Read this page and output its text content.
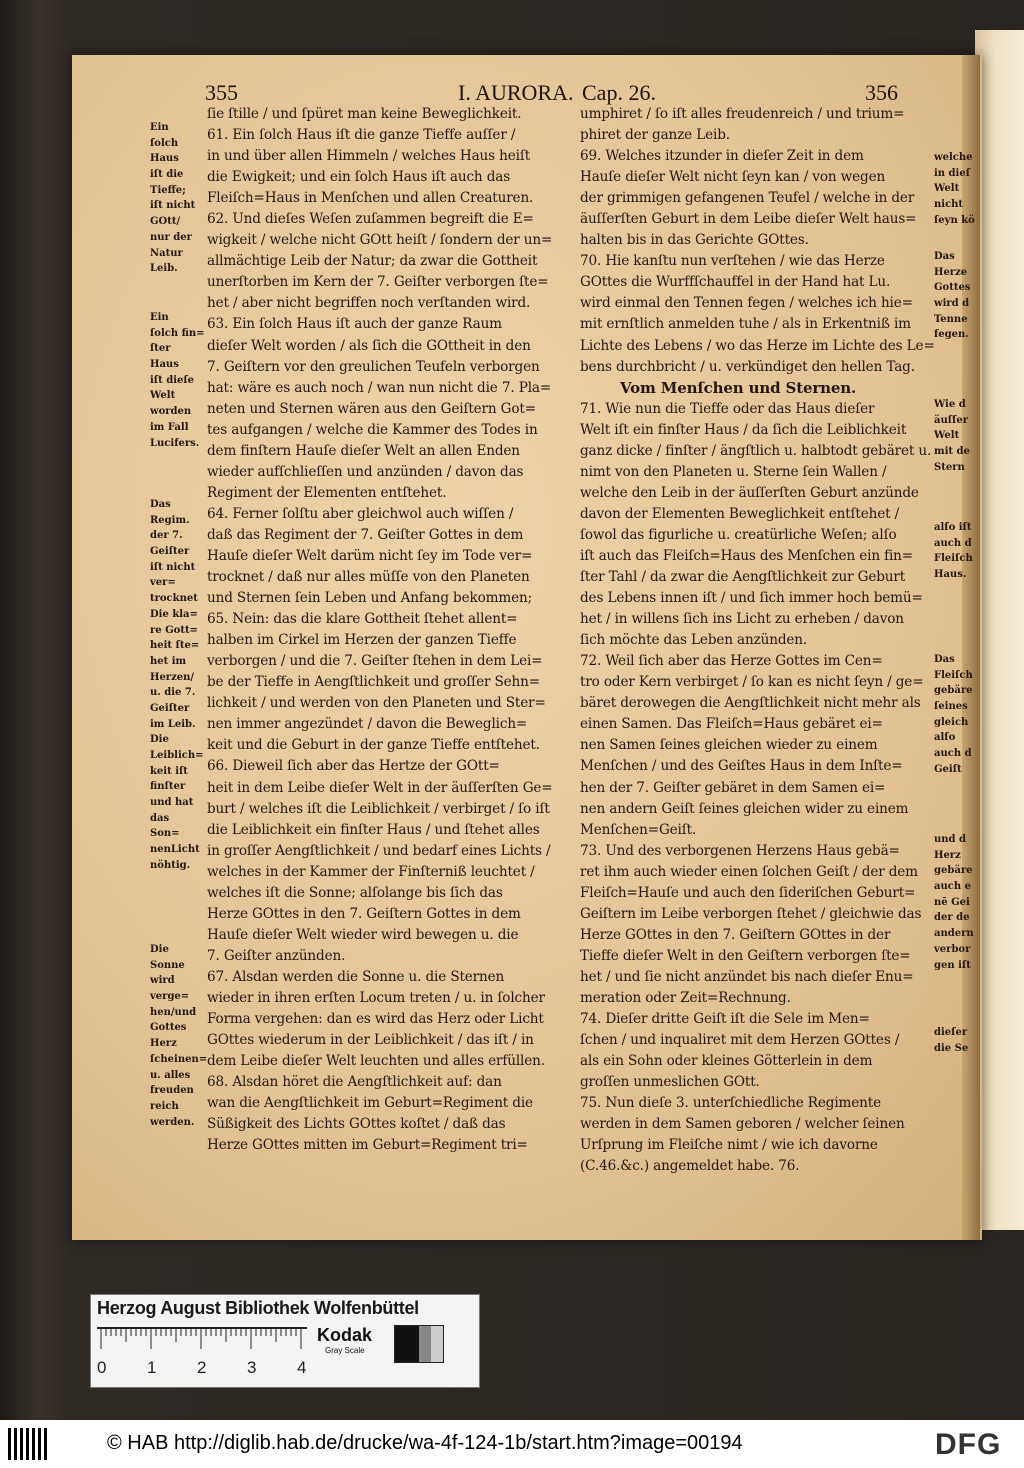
355	I. AURORA. Cap. 26.	356
ſie ſtille / und ſpüret man keine Beweglichkeit.
61. Ein ſolch Haus iſt die ganze Tieffe auſſer /
in und über allen Himmeln / welches Haus heiſt
die Ewigkeit; und ein ſolch Haus iſt auch das
Fleiſch=Haus in Menſchen und allen Creaturen.
62. Und dieſes Weſen zuſammen begreift die E=
wigkeit / welche nicht GOtt heiſt / ſondern der un=
allmächtige Leib der Natur; da zwar die Gottheit
unerſtorben im Kern der 7. Geiſter verborgen ſte=
het / aber nicht begriffen noch verſtanden wird.
63. Ein ſolch Haus iſt auch der ganze Raum
dieſer Welt worden / als ſich die GOttheit in den
7. Geiſtern vor den greulichen Teufeln verborgen
hat: wäre es auch noch / wan nun nicht die 7. Pla=
neten und Sternen wären aus den Geiſtern Got=
tes aufgangen / welche die Kammer des Todes in
dem finſtern Hauſe dieſer Welt an allen Enden
wieder aufſchlieſſen und anzünden / davon das
Regiment der Elementen entſtehet.
64. Ferner ſolſtu aber gleichwol auch wiſſen /
daß das Regiment der 7. Geiſter Gottes in dem
Hauſe dieſer Welt darüm nicht ſey im Tode ver=
trocknet / daß nur alles müſſe von den Planeten
und Sternen ſein Leben und Anfang bekommen;
65. Nein: das die klare Gottheit ſtehet allent=
halben im Cirkel im Herzen der ganzen Tieffe
verborgen / und die 7. Geiſter ſtehen in dem Lei=
be der Tieffe in Aengſtlichkeit und groſſer Sehn=
lichkeit / und werden von den Planeten und Ster=
nen immer angezündet / davon die Beweglich=
keit und die Geburt in der ganze Tieffe entſtehet.
66. Dieweil ſich aber das Hertze der GOtt=
heit in dem Leibe dieſer Welt in der äuſſerſten Ge=
burt / welches iſt die Leiblichkeit / verbirget / ſo iſt
die Leiblichkeit ein finſter Haus / und ſtehet alles
in groſſer Aengſtlichkeit / und bedarf eines Lichts /
welches in der Kammer der Finſterniß leuchtet /
welches iſt die Sonne; alſolange bis ſich das
Herze GOttes in den 7. Geiſtern Gottes in dem
Hauſe dieſer Welt wieder wird bewegen u. die
7. Geiſter anzünden.
67. Alsdan werden die Sonne u. die Sternen
wieder in ihren erſten Locum treten / u. in ſolcher
Forma vergehen: dan es wird das Herz oder Licht
GOttes wiederum in der Leiblichkeit / das iſt / in
dem Leibe dieſer Welt leuchten und alles erfüllen.
68. Alsdan höret die Aengſtlichkeit auf: dan
wan die Aengſtlichkeit im Geburt=Regiment die
Süßigkeit des Lichts GOttes koſtet / daß das
Herze GOttes mitten im Geburt=Regiment tri=
umphiret / ſo iſt alles freudenreich / und trium=
phiret der ganze Leib.
69. Welches itzunder in dieſer Zeit in dem
Hauſe dieſer Welt nicht ſeyn kan / von wegen
der grimmigen gefangenen Teufel / welche in der
äuſſerſten Geburt in dem Leibe dieſer Welt haus=
halten bis in das Gerichte GOttes.
70. Hie kanſtu nun verſtehen / wie das Herze
GOttes die Wurffſchauffel in der Hand hat Lu.
wird einmal den Tennen fegen / welches ich hie=
mit ernſtlich anmelden tuhe / als in Erkentniß im
Lichte des Lebens / wo das Herze im Lichte des Le=
bens durchbricht / u. verkündiget den hellen Tag.
Vom Menſchen und Sternen.
71. Wie nun die Tieffe oder das Haus dieſer
Welt iſt ein finſter Haus / da ſich die Leiblichkeit
ganz dicke / finſter / ängſtlich u. halbtodt gebäret u.
nimt von den Planeten u. Sterne ſein Wallen /
welche den Leib in der äuſſerſten Geburt anzünde
davon der Elementen Beweglichkeit entſtehet /
ſowol das figurliche u. creatürliche Weſen; alſo
iſt auch das Fleiſch=Haus des Menſchen ein fin=
ſter Tahl / da zwar die Aengſtlichkeit zur Geburt
des Lebens innen iſt / und ſich immer hoch bemü=
het / in willens ſich ins Licht zu erheben / davon
ſich möchte das Leben anzünden.
72. Weil ſich aber das Herze Gottes im Cen=
tro oder Kern verbirget / ſo kan es nicht ſeyn / ge=
bäret derowegen die Aengſtlichkeit nicht mehr als
einen Samen. Das Fleiſch=Haus gebäret ei=
nen Samen ſeines gleichen wieder zu einem
Menſchen / und des Geiſtes Haus in dem Inſte=
hen der 7. Geiſter gebäret in dem Samen ei=
nen andern Geiſt ſeines gleichen wider zu einem
Menſchen=Geiſt.
73. Und des verborgenen Herzens Haus gebä=
ret ihm auch wieder einen ſolchen Geiſt / der dem
Fleiſch=Hauſe und auch den ſideriſchen Geburt=
Geiſtern im Leibe verborgen ſtehet / gleichwie das
Herze GOttes in den 7. Geiſtern GOttes in der
Tieffe dieſer Welt in den Geiſtern verborgen ſte=
het / und ſie nicht anzündet bis nach dieſer Enu=
meration oder Zeit=Rechnung.
74. Dieſer dritte Geiſt iſt die Sele im Men=
ſchen / und inqualiret mit dem Herzen GOttes /
als ein Sohn oder kleines Götterlein in dem
groſſen unmeslichen GOtt.
75. Nun dieſe 3. unterſchiedliche Regimente
werden in dem Samen geboren / welcher ſeinen
Urſprung im Fleiſche nimt / wie ich davorne
(C.46.&c.) angemeldet habe. 76.
Ein
ſolch
Haus
iſt die
Tieffe;
iſt nicht
GOtt/
nur der
Natur
Leib.
Ein
ſolch fin=
ſter
Haus
iſt dieſe
Welt
worden
im Fall
Lucifers.
Das
Regim.
der 7.
Geiſter
iſt nicht
ver=
trocknet
Die kla=
re Gott=
heit ſte=
het im
Herzen/
u. die 7.
Geiſter
im Leib.
Die
Leiblich=
keit iſt
finſter
und hat
das
Son=
nenLicht
nöhtig.
Die
Sonne
wird
verge=
hen/und
Gottes
Herz
ſcheinen=
u. alles
freuden
reich
werden.
welche
in dieſ
Welt
nicht
ſeyn kö
Das
Herze
Gottes
wird d
Tenne
fegen.
Wie d
äuſſer
Welt
mit de
Stern
alſo iſt
auch d
Fleiſch
Haus.
Das
Fleiſch
gebäre
ſeines
gleich
alſo
auch d
Geiſt
und d
Herz
gebäre
auch e
nē Gei
der de
andern
verbor
gen iſt
dieſer
die Se
Herzog August Bibliothek Wolfenbüttel
0 1 2 3 4
Kodak
Gray Scale
© HAB http://diglib.hab.de/drucke/wa-4f-124-1b/start.htm?image=00194	DFG
